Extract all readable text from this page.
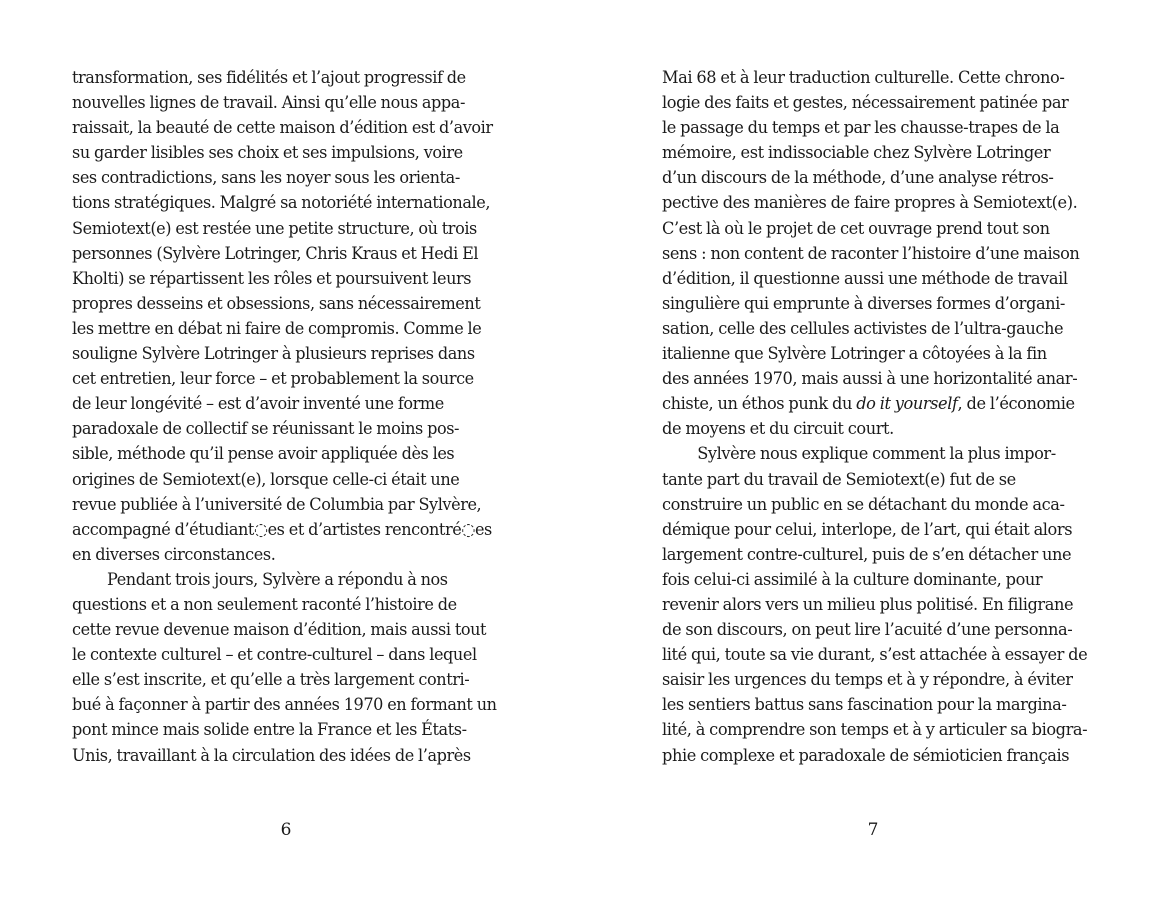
transformation, ses fidélités et l’ajout progressif de
nouvelles lignes de travail. Ainsi qu’elle nous appa-
raissait, la beauté de cette maison d’édition est d’avoir
su garder lisibles ses choix et ses impulsions, voire
ses contradictions, sans les noyer sous les orienta-
tions stratégiques. Malgré sa notoriété internationale,
Semiotext(e) est restée une petite structure, où trois
personnes (Sylvère Lotringer, Chris Kraus et Hedi El
Kholti) se répartissent les rôles et poursuivent leurs
propres desseins et obsessions, sans nécessairement
les mettre en débat ni faire de compromis. Comme le
souligne Sylvère Lotringer à plusieurs reprises dans
cet entretien, leur force – et probablement la source
de leur longévité – est d’avoir inventé une forme
paradoxale de collectif se réunissant le moins pos-
sible, méthode qu’il pense avoir appliquée dès les
origines de Semiotext(e), lorsque celle-ci était une
revue publiée à l’université de Columbia par Sylvère,
accompagné d’étudiant◌es et d’artistes rencontré◌es
en diverses circonstances.
Pendant trois jours, Sylvère a répondu à nos
questions et a non seulement raconté l’histoire de
cette revue devenue maison d’édition, mais aussi tout
le contexte culturel – et contre-culturel – dans lequel
elle s’est inscrite, et qu’elle a très largement contri-
bué à façonner à partir des années 1970 en formant un
pont mince mais solide entre la France et les États-
Unis, travaillant à la circulation des idées de l’après
6
Mai 68 et à leur traduction culturelle. Cette chrono-
logie des faits et gestes, nécessairement patinée par
le passage du temps et par les chausse-trapes de la
mémoire, est indissociable chez Sylvère Lotringer
d’un discours de la méthode, d’une analyse rétros-
pective des manières de faire propres à Semiotext(e).
C’est là où le projet de cet ouvrage prend tout son
sens : non content de raconter l’histoire d’une maison
d’édition, il questionne aussi une méthode de travail
singulière qui emprunte à diverses formes d’organi-
sation, celle des cellules activistes de l’ultra-gauche
italienne que Sylvère Lotringer a côtoyées à la fin
des années 1970, mais aussi à une horizontalité anar-
chiste, un éthos punk du do it yourself, de l’économie
de moyens et du circuit court.
Sylvère nous explique comment la plus impor-
tante part du travail de Semiotext(e) fut de se
construire un public en se détachant du monde aca-
démique pour celui, interlope, de l’art, qui était alors
largement contre-culturel, puis de s’en détacher une
fois celui-ci assimilé à la culture dominante, pour
revenir alors vers un milieu plus politisé. En filigrane
de son discours, on peut lire l’acuité d’une personna-
lité qui, toute sa vie durant, s’est attachée à essayer de
saisir les urgences du temps et à y répondre, à éviter
les sentiers battus sans fascination pour la margina-
lité, à comprendre son temps et à y articuler sa biogra-
phie complexe et paradoxale de sémioticien français
7
